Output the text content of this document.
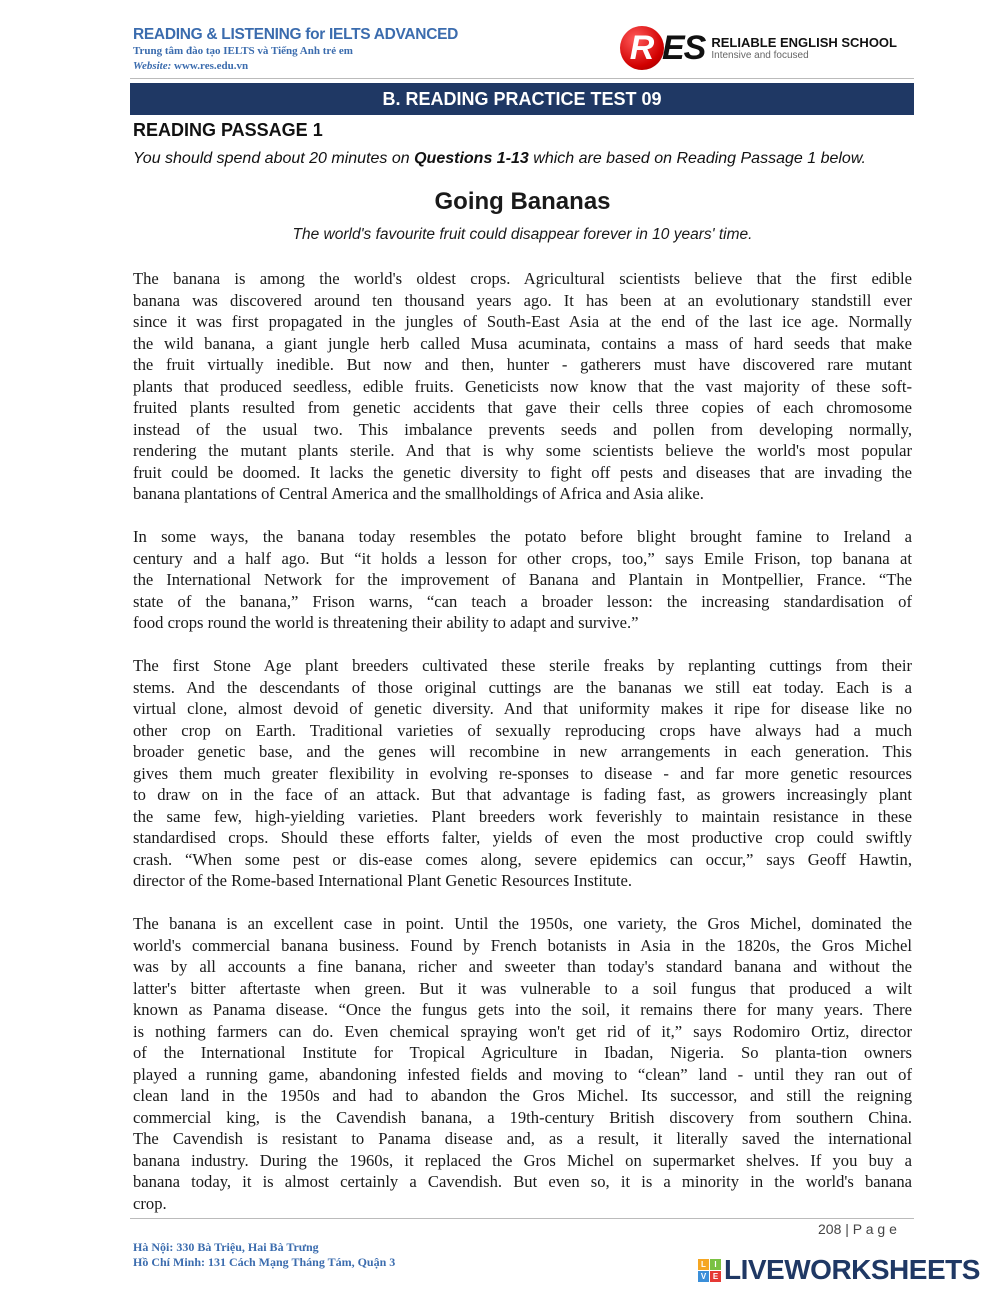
READING & LISTENING for IELTS ADVANCED
Trung tâm đào tạo IELTS và Tiếng Anh trẻ em
Website: www.res.edu.vn	R ES RELIABLE ENGLISH SCHOOL
Intensive and focused
B. READING PRACTICE TEST 09
READING PASSAGE 1
You should spend about 20 minutes on Questions 1-13 which are based on Reading Passage 1 below.
Going Bananas
The world's favourite fruit could disappear forever in 10 years' time.
The banana is among the world's oldest crops. Agricultural scientists believe that the first edible
banana was discovered around ten thousand years ago. It has been at an evolutionary standstill ever
since it was first propagated in the jungles of South-East Asia at the end of the last ice age. Normally
the wild banana, a giant jungle herb called Musa acuminata, contains a mass of hard seeds that make
the fruit virtually inedible. But now and then, hunter - gatherers must have discovered rare mutant
plants that produced seedless, edible fruits. Geneticists now know that the vast majority of these soft-
fruited plants resulted from genetic accidents that gave their cells three copies of each chromosome
instead of the usual two. This imbalance prevents seeds and pollen from developing normally,
rendering the mutant plants sterile. And that is why some scientists believe the world's most popular
fruit could be doomed. It lacks the genetic diversity to fight off pests and diseases that are invading the
banana plantations of Central America and the smallholdings of Africa and Asia alike.
In some ways, the banana today resembles the potato before blight brought famine to Ireland a
century and a half ago. But “it holds a lesson for other crops, too,” says Emile Frison, top banana at
the International Network for the improvement of Banana and Plantain in Montpellier, France. “The
state of the banana,” Frison warns, “can teach a broader lesson: the increasing standardisation of
food crops round the world is threatening their ability to adapt and survive.”
The first Stone Age plant breeders cultivated these sterile freaks by replanting cuttings from their
stems. And the descendants of those original cuttings are the bananas we still eat today. Each is a
virtual clone, almost devoid of genetic diversity. And that uniformity makes it ripe for disease like no
other crop on Earth. Traditional varieties of sexually reproducing crops have always had a much
broader genetic base, and the genes will recombine in new arrangements in each generation. This
gives them much greater flexibility in evolving re-sponses to disease - and far more genetic resources
to draw on in the face of an attack. But that advantage is fading fast, as growers increasingly plant
the same few, high-yielding varieties. Plant breeders work feverishly to maintain resistance in these
standardised crops. Should these efforts falter, yields of even the most productive crop could swiftly
crash. “When some pest or dis-ease comes along, severe epidemics can occur,” says Geoff Hawtin,
director of the Rome-based International Plant Genetic Resources Institute.
The banana is an excellent case in point. Until the 1950s, one variety, the Gros Michel, dominated the
world's commercial banana business. Found by French botanists in Asia in the 1820s, the Gros Michel
was by all accounts a fine banana, richer and sweeter than today's standard banana and without the
latter's bitter aftertaste when green. But it was vulnerable to a soil fungus that produced a wilt
known as Panama disease. “Once the fungus gets into the soil, it remains there for many years. There
is nothing farmers can do. Even chemical spraying won't get rid of it,” says Rodomiro Ortiz, director
of the International Institute for Tropical Agriculture in Ibadan, Nigeria. So planta-tion owners
played a running game, abandoning infested fields and moving to “clean” land - until they ran out of
clean land in the 1950s and had to abandon the Gros Michel. Its successor, and still the reigning
commercial king, is the Cavendish banana, a 19th-century British discovery from southern China.
The Cavendish is resistant to Panama disease and, as a result, it literally saved the international
banana industry. During the 1960s, it replaced the Gros Michel on supermarket shelves. If you buy a
banana today, it is almost certainly a Cavendish. But even so, it is a minority in the world's banana
crop.
208 | P a g e
Hà Nội: 330 Bà Triệu, Hai Bà Trưng
Hồ Chí Minh: 131 Cách Mạng Tháng Tám, Quận 3	L	I
V E LIVEWORKSHEETS
